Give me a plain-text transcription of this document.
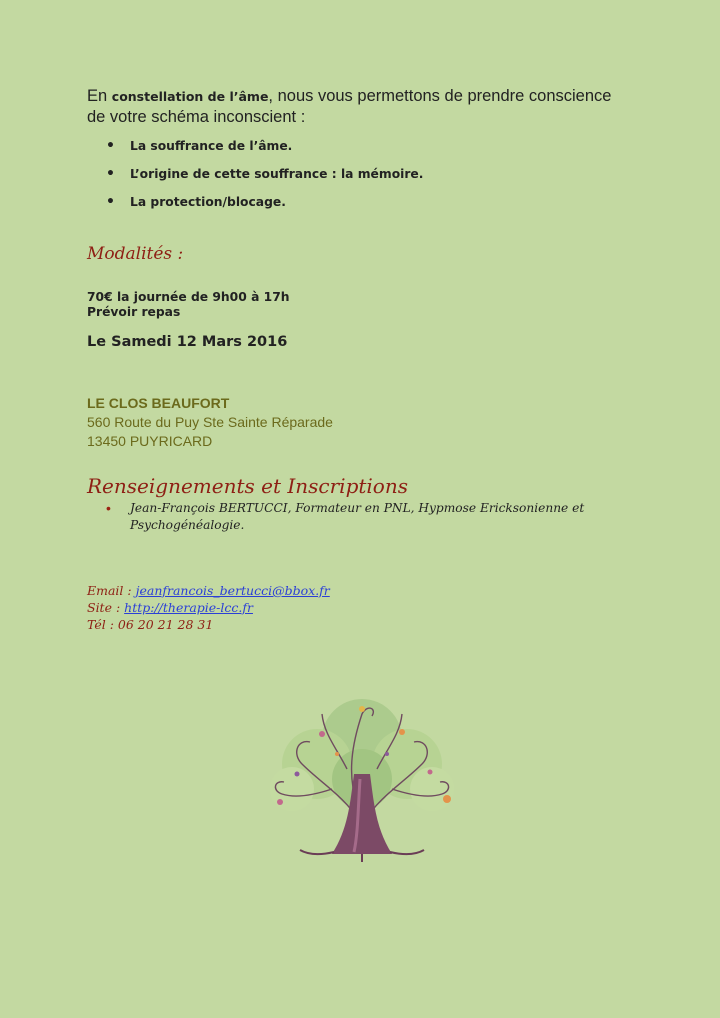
En constellation de l’âme, nous vous permettons de prendre conscience
de votre schéma inconscient :
• La souffrance de l’âme.
• L’origine de cette souffrance : la mémoire.
• La protection/blocage.
Modalités :
70€ la journée de 9h00 à 17h
Prévoir repas
Le Samedi 12 Mars 2016
LE CLOS BEAUFORT
560 Route du Puy Ste Sainte Réparade
13450 PUYRICARD
Renseignements et Inscriptions
• Jean-François BERTUCCI, Formateur en PNL, Hypmose Ericksonienne et Psychogénéalogie.
Email : jeanfrancois_bertucci@bbox.fr
Site : http://therapie-lcc.fr
Tél : 06 20 21 28 31
